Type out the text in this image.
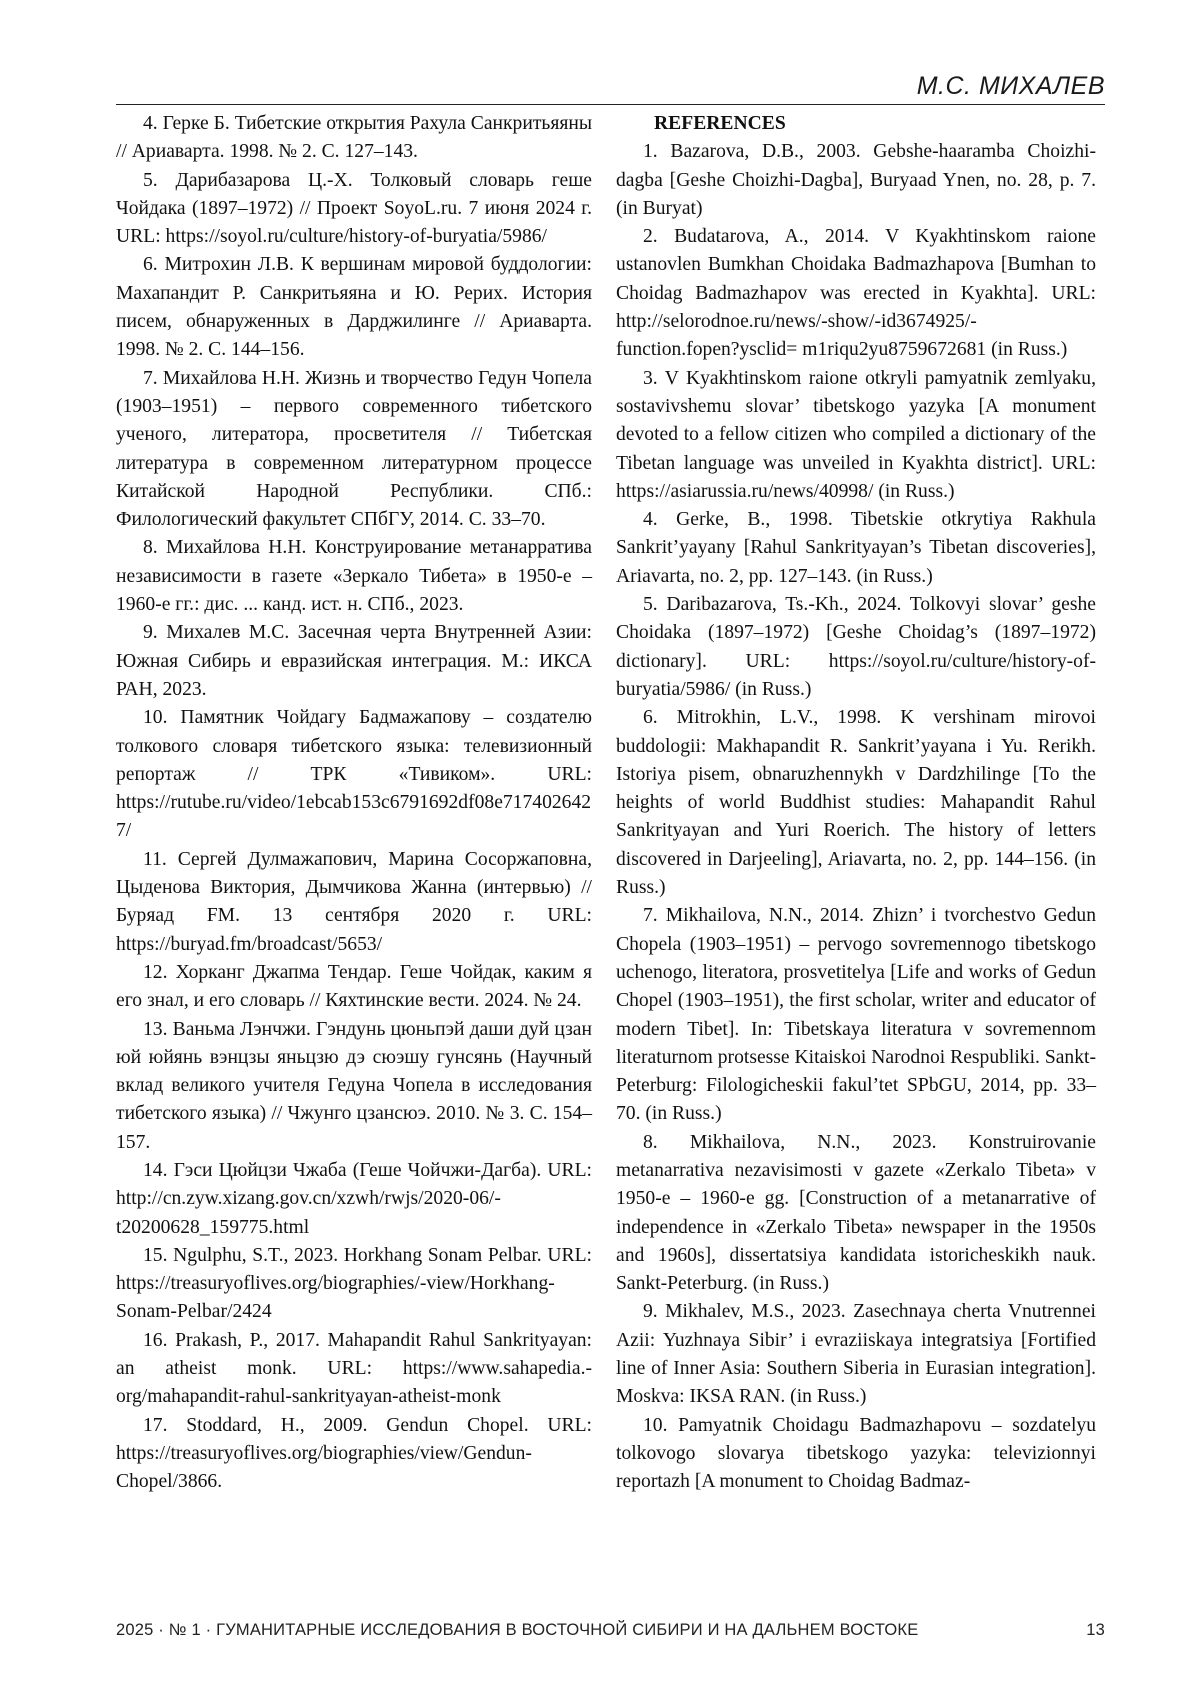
М.С. МИХАЛЕВ

4. Герке Б. Тибетские открытия Рахула Санкритьяяны // Ариаварта. 1998. № 2. С. 127–143.

5. Дарибазарова Ц.-Х. Толковый словарь геше Чойдака (1897–1972) // Проект SoyoL.ru. 7 июня 2024 г. URL: https://soyol.ru/culture/history-of-buryatia/5986/

6. Митрохин Л.В. К вершинам мировой буддологии: Махапандит Р. Санкритьяяна и Ю. Рерих. История писем, обнаруженных в Дарджилинге // Ариаварта. 1998. № 2. С. 144–156.

7. Михайлова Н.Н. Жизнь и творчество Гедун Чопела (1903–1951) – первого современного тибетского ученого, литератора, просветителя // Тибетская литература в современном литературном процессе Китайской Народной Республики. СПб.: Филологический факультет СПбГУ, 2014. С. 33–70.

8. Михайлова Н.Н. Конструирование метанарратива независимости в газете «Зеркало Тибета» в 1950-е – 1960-е гг.: дис. ... канд. ист. н. СПб., 2023.

9. Михалев М.С. Засечная черта Внутренней Азии: Южная Сибирь и евразийская интеграция. М.: ИКСА РАН, 2023.

10. Памятник Чойдагу Бадмажапову – создателю толкового словаря тибетского языка: телевизионный репортаж // ТРК «Тивиком». URL: https://rutube.ru/video/1ebcab153c6791692df08e7174026427/

11. Сергей Дулмажапович, Марина Сосоржаповна, Цыденова Виктория, Дымчикова Жанна (интервью) // Буряад FM. 13 сентября 2020 г. URL: https://buryad.fm/broadcast/5653/

12. Хорканг Джапма Тендар. Геше Чойдак, каким я его знал, и его словарь // Кяхтинские вести. 2024. № 24.

13. Ваньма Лэнчжи. Гэндунь цюньпэй даши дуй цзан юй юйянь вэнцзы яньцзю дэ сюэшу гунсянь (Научный вклад великого учителя Гедуна Чопела в исследования тибетского языка) // Чжунго цзансюэ. 2010. № 3. С. 154–157.

14. Гэси Цюйцзи Чжаба (Геше Чойчжи-Дагба). URL: http://cn.zyw.xizang.gov.cn/xzwh/rwjs/2020-06/-t20200628_159775.html

15. Ngulphu, S.T., 2023. Horkhang Sonam Pelbar. URL: https://treasuryoflives.org/biographies/-view/Horkhang-Sonam-Pelbar/2424

16. Prakash, P., 2017. Mahapandit Rahul Sankrityayan: an atheist monk. URL: https://www.sahapedia.-org/mahapandit-rahul-sankrityayan-atheist-monk

17. Stoddard, H., 2009. Gendun Chopel. URL: https://treasuryoflives.org/biographies/view/Gendun-Chopel/3866.

REFERENCES

1. Bazarova, D.B., 2003. Gebshe-haaramba Choizhi-dagba [Geshe Choizhi-Dagba], Buryaad Ynen, no. 28, p. 7. (in Buryat)

2. Budatarova, A., 2014. V Kyakhtinskom raione ustanovlen Bumkhan Choidaka Badmazhapova [Bumhan to Choidag Badmazhapov was erected in Kyakhta]. URL: http://selorodnoe.ru/news/-show/-id3674925/-function.fopen?ysclid= m1riqu2yu8759672681 (in Russ.)

3. V Kyakhtinskom raione otkryli pamyatnik zemlyaku, sostavivshemu slovar’ tibetskogo yazyka [A monument devoted to a fellow citizen who compiled a dictionary of the Tibetan language was unveiled in Kyakhta district]. URL: https://asiarussia.ru/news/40998/ (in Russ.)

4. Gerke, B., 1998. Tibetskie otkrytiya Rakhula Sankrit’yayany [Rahul Sankrityayan’s Tibetan discoveries], Ariavarta, no. 2, pp. 127–143. (in Russ.)

5. Daribazarova, Ts.-Kh., 2024. Tolkovyi slovar’ geshe Choidaka (1897–1972) [Geshe Choidag’s (1897–1972) dictionary]. URL: https://soyol.ru/culture/history-of-buryatia/5986/ (in Russ.)

6. Mitrokhin, L.V., 1998. K vershinam mirovoi buddologii: Makhapandit R. Sankrit’yayana i Yu. Rerikh. Istoriya pisem, obnaruzhennykh v Dardzhilinge [To the heights of world Buddhist studies: Mahapandit Rahul Sankrityayan and Yuri Roerich. The history of letters discovered in Darjeeling], Ariavarta, no. 2, pp. 144–156. (in Russ.)

7. Mikhailova, N.N., 2014. Zhizn’ i tvorchestvo Gedun Chopela (1903–1951) – pervogo sovremennogo tibetskogo uchenogo, literatora, prosvetitelya [Life and works of Gedun Chopel (1903–1951), the first scholar, writer and educator of modern Tibet]. In: Tibetskaya literatura v sovremennom literaturnom protsesse Kitaiskoi Narodnoi Respubliki. Sankt-Peterburg: Filologicheskii fakul’tet SPbGU, 2014, pp. 33–70. (in Russ.)

8. Mikhailova, N.N., 2023. Konstruirovanie metanarrativa nezavisimosti v gazete «Zerkalo Tibeta» v 1950-e – 1960-e gg. [Construction of a metanarrative of independence in «Zerkalo Tibeta» newspaper in the 1950s and 1960s], dissertatsiya kandidata istoricheskikh nauk. Sankt-Peterburg. (in Russ.)

9. Mikhalev, M.S., 2023. Zasechnaya cherta Vnutrennei Azii: Yuzhnaya Sibir’ i evraziiskaya integratsiya [Fortified line of Inner Asia: Southern Siberia in Eurasian integration]. Moskva: IKSA RAN. (in Russ.)

10. Pamyatnik Choidagu Badmazhapovu – sozdatelyu tolkovogo slovarya tibetskogo yazyka: televizionnyi reportazh [A monument to Choidag Badmaz-

2025 · № 1 · ГУМАНИТАРНЫЕ ИССЛЕДОВАНИЯ В ВОСТОЧНОЙ СИБИРИ И НА ДАЛЬНЕМ ВОСТОКЕ	13
